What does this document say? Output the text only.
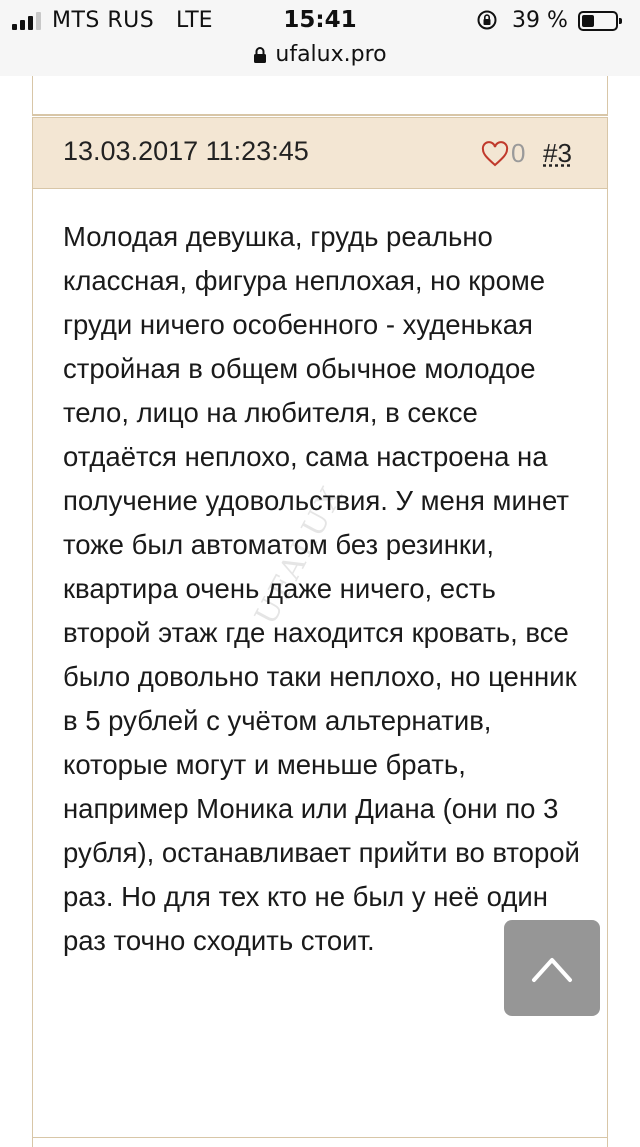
MTS RUS LTE	15:41	39 %
ufalux.pro
13.03.2017 11:23:45	0 #3

Молодая девушка, грудь реально классная, фигура неплохая, но кроме груди ничего особенного - худенькая стройная в общем обычное молодое тело, лицо на любителя, в сексе отдаётся неплохо, сама настроена на получение удовольствия. У меня минет тоже был автоматом без резинки, квартира очень даже ничего, есть второй этаж где находится кровать, все было довольно таки неплохо, но ценник в 5 рублей с учётом альтернатив, которые могут и меньше брать, например Моника или Диана (они по 3 рубля), останавливает прийти во второй раз. Но для тех кто не был у неё один раз точно сходить стоит.

UFALUX
